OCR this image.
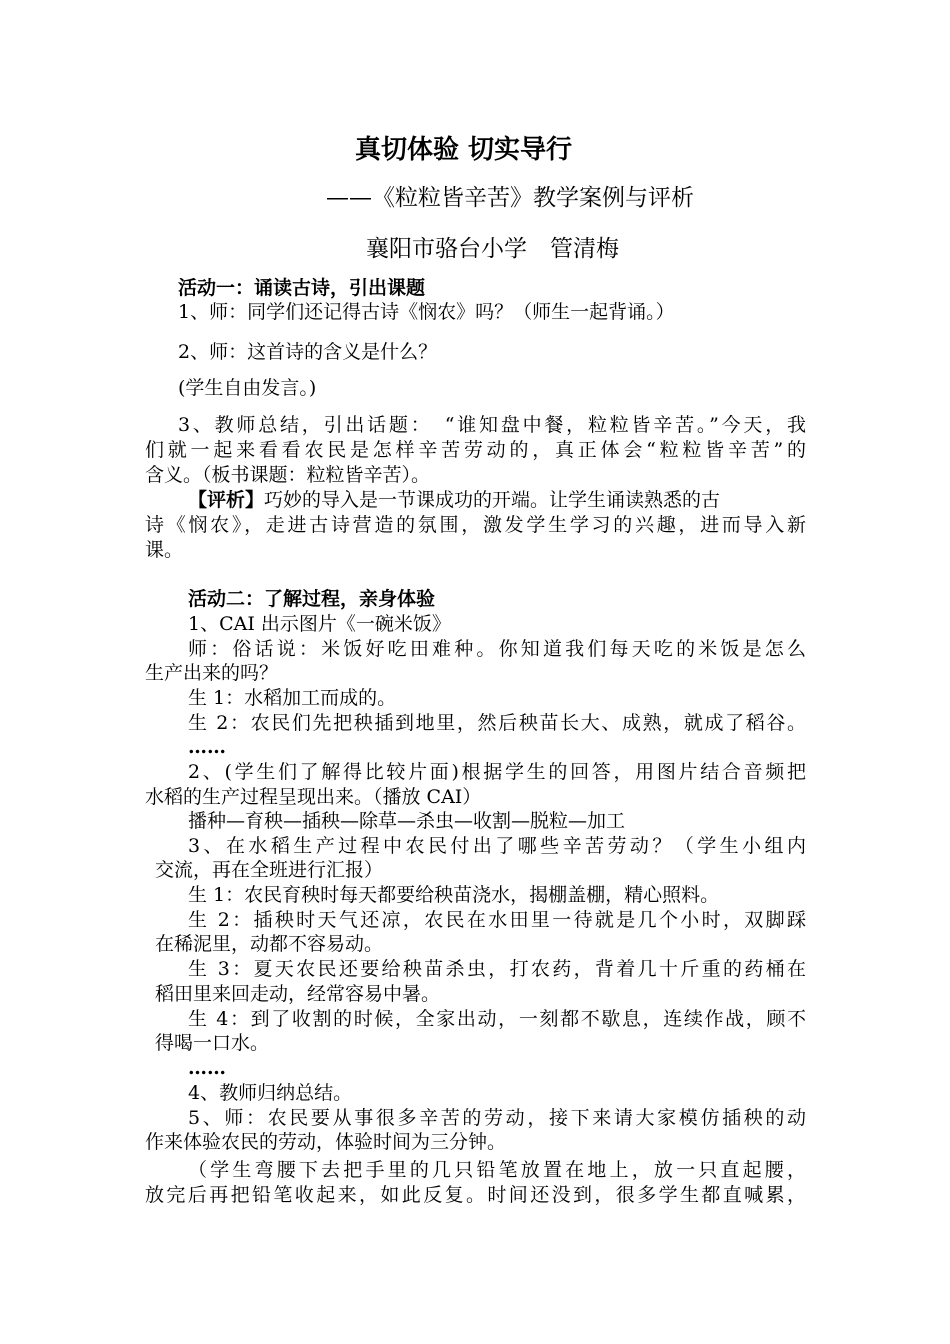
真切体验 切实导行
——《粒粒皆辛苦》教学案例与评析
襄阳市骆台小学　管清梅
活动一：诵读古诗，引出课题
1、师：同学们还记得古诗《悯农》吗？（师生一起背诵。）
2、师：这首诗的含义是什么？
(学生自由发言。)
3、教师总结，引出话题：　“谁知盘中餐，粒粒皆辛苦。”今天，我
们就一起来看看农民是怎样辛苦劳动的，真正体会“粒粒皆辛苦”的
含义。（板书课题：粒粒皆辛苦）。
【评析】巧妙的导入是一节课成功的开端。让学生诵读熟悉的古
诗《悯农》，走进古诗营造的氛围，激发学生学习的兴趣，进而导入新
课。
活动二：了解过程，亲身体验
1、CAI 出示图片《一碗米饭》
师：俗话说：米饭好吃田难种。你知道我们每天吃的米饭是怎么
生产出来的吗？
生 1：水稻加工而成的。
生 2：农民们先把秧插到地里，然后秧苗长大、成熟，就成了稻谷。
……
2、(学生们了解得比较片面)根据学生的回答，用图片结合音频把
水稻的生产过程呈现出来。（播放 CAI）
播种—育秧—插秧—除草—杀虫—收割—脱粒—加工
3、在水稻生产过程中农民付出了哪些辛苦劳动？（学生小组内
交流，再在全班进行汇报）
生 1：农民育秧时每天都要给秧苗浇水，揭棚盖棚，精心照料。
生 2：插秧时天气还凉，农民在水田里一待就是几个小时，双脚踩
在稀泥里，动都不容易动。
生 3：夏天农民还要给秧苗杀虫，打农药，背着几十斤重的药桶在
稻田里来回走动，经常容易中暑。
生 4：到了收割的时候，全家出动，一刻都不歇息，连续作战，顾不
得喝一口水。
……
4、教师归纳总结。
5、师：农民要从事很多辛苦的劳动，接下来请大家模仿插秧的动
作来体验农民的劳动，体验时间为三分钟。
（学生弯腰下去把手里的几只铅笔放置在地上，放一只直起腰，
放完后再把铅笔收起来，如此反复。时间还没到，很多学生都直喊累，
